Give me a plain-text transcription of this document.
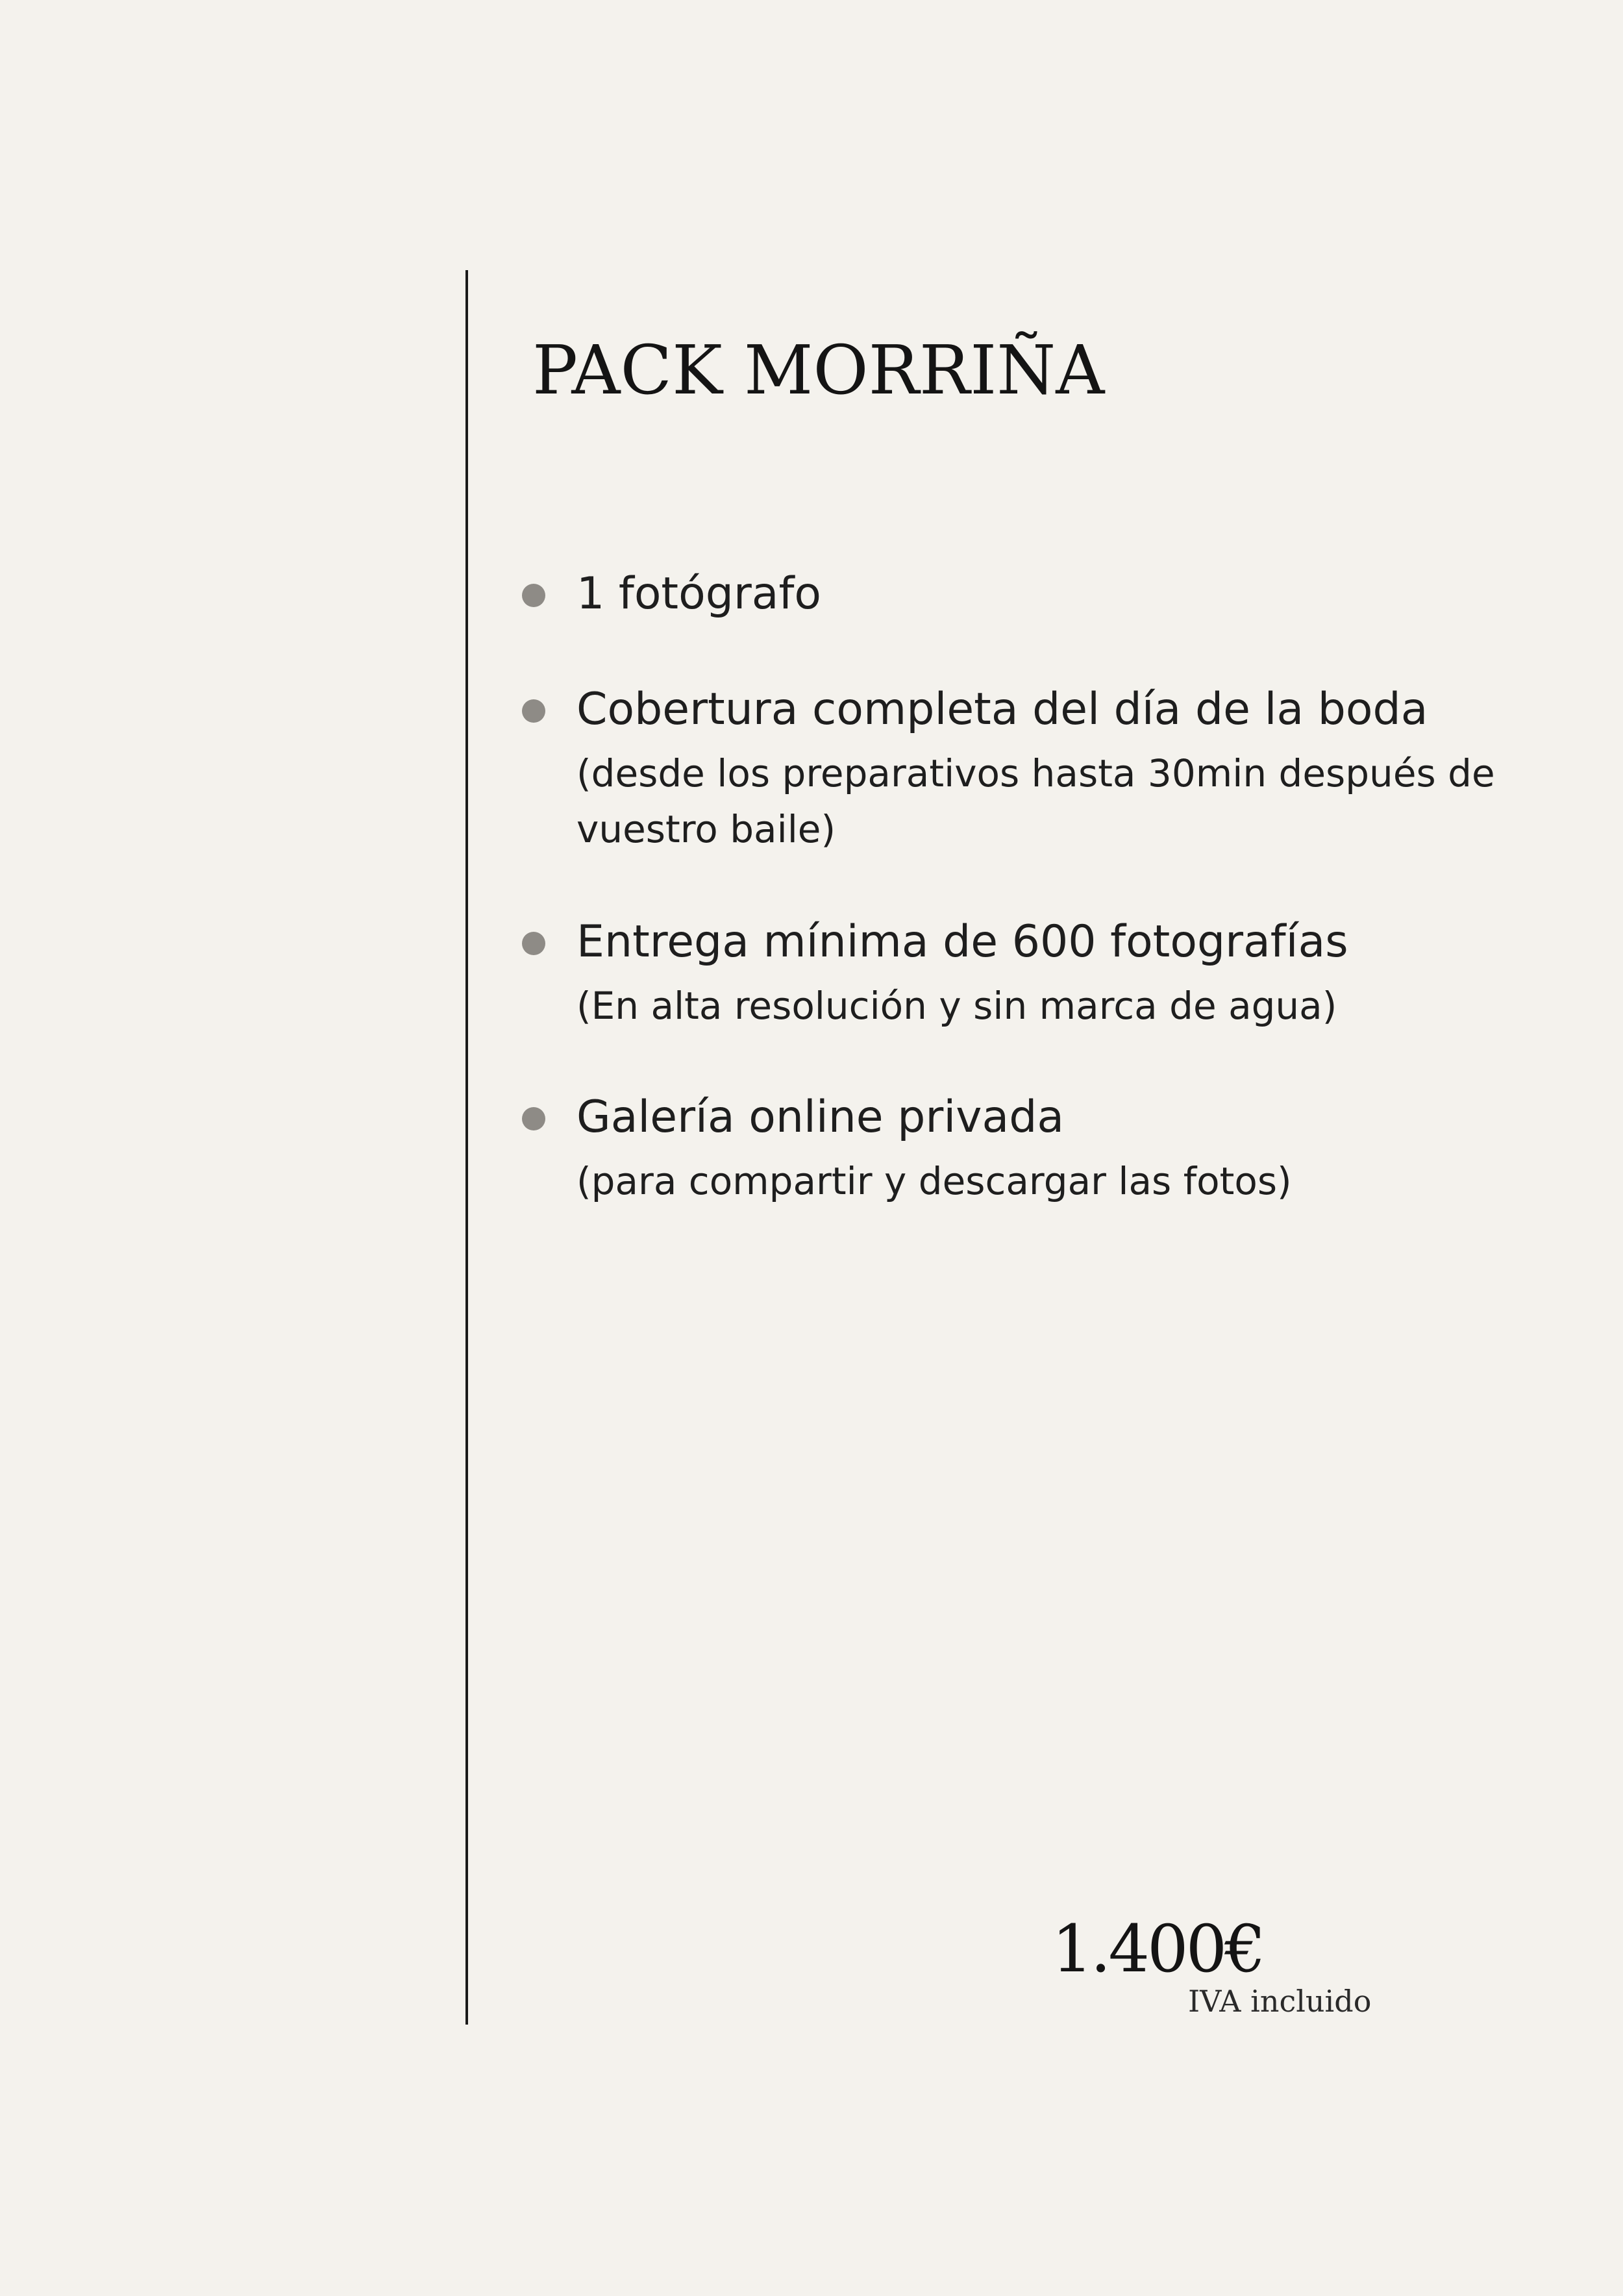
PACK MORRIÑA
1 fotógrafo
Cobertura completa del día de la boda
(desde los preparativos hasta 30min después de vuestro baile)
Entrega mínima de 600 fotografías
(En alta resolución y sin marca de agua)
Galería online privada
(para compartir y descargar las fotos)
1.400€
IVA incluido
